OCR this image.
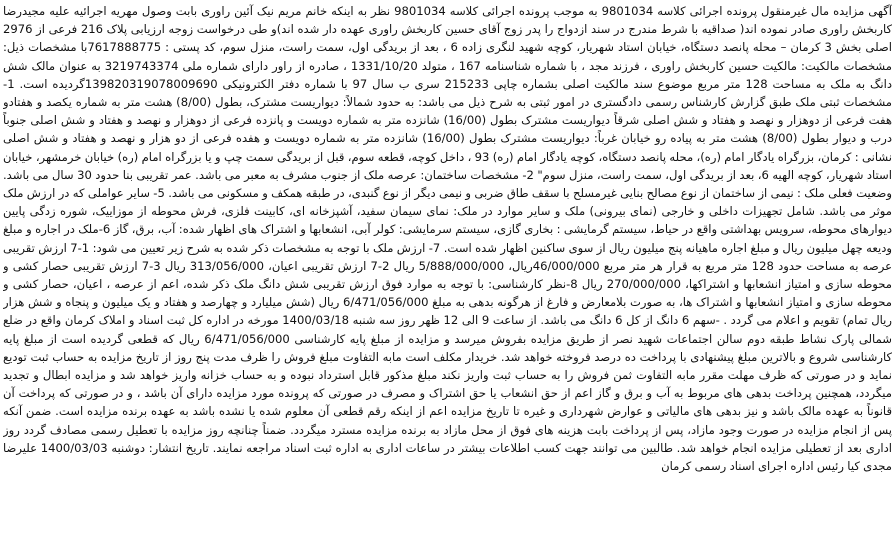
آگهی مزایده مال غیرمنقول پرونده اجرائی کلاسه 9801034 به موجب پرونده اجرائی کلاسه 9801034 نظر به اینکه خانم مریم نیک آئین راوری بابت وصول مهریه اجرائیه علیه مجیدرضا کاربخش راوری صادر نموده اند( صداقیه با شرط مندرج در سند ازدواج را پدر زوج آقای حسین کاربخش راوری عهده دار شده اند)و طی درخواست زوجه ارزیابی پلاک 216 فرعی از 2976 اصلی بخش 3 کرمان – محله پانصد دستگاه، خیابان استاد شهریار، کوچه شهید لنگری زاده 6 ، بعد از بریدگی اول، سمت راست، منزل سوم، کد پستی : 7617888775با مشخصات ذیل: مشخصات مالکیت: مالکیت حسین کاربخش راوری ، فرزند مجد ، با شماره شناسنامه 167 ، متولد 1331/10/20 ، صادره از راور دارای شماره ملی 3219743374 به عنوان مالک شش دانگ به ملک به مساحت 128 متر مربع موضوع سند مالکیت اصلی بشماره چاپی 215233 سری ب سال 97 با شماره دفتر الکترونیکی 139820319078009690گردیده است. 1- مشخصات ثبتی ملک طبق گزارش کارشناس رسمی دادگستری در امور ثبتی به شرح ذیل می باشد: به حدود شمالاً: دیواریست مشترک، بطول (8/00) هشت متر به شماره یکصد و هفتادو هفت فرعی از دوهزار و نهصد و هفتاد و شش اصلی شرقاً دیواریست مشترک بطول (16/00) شانزده متر به شماره دویست و پانزده فرعی از دوهزار و نهصد و هفتاد و شش اصلی جنوباً درب و دیوار بطول (8/00) هشت متر به پیاده رو خیابان غرباً: دیواریست مشترک بطول (16/00) شانزده متر به شماره دویست و هفده فرعی از دو هزار و نهصد و هفتاد و شش اصلی نشانی : کرمان، بزرگراه یادگار امام (ره)، محله پانصد دستگاه، کوچه یادگار امام (ره) 93 ، داخل کوچه، قطعه سوم، قبل از بریدگی سمت چپ و یا بزرگراه امام (ره) خیابان خرمشهر، خیابان استاد شهریار، کوچه الهیه 6، بعد از بریدگی اول، سمت راست، منزل سوم" 2- مشخصات ساختمان: عرصه ملک از جنوب مشرف به معبر می باشد. عمر تقریبی بنا حدود 30 سال می باشد. وضعیت فعلی ملک : نیمی از ساختمان از نوع مصالح بنایی غیرمسلح با سقف طاق ضربی و نیمی دیگر از نوع گنبدی، در طبقه همکف و مسکونی می باشد. 5- سایر عواملی که در ارزش ملک موثر می باشد. شامل تجهیزات داخلی و خارجی (نمای بیرونی) ملک و سایر موارد در ملک: نمای سیمان سفید، آشپزخانه ای، کابینت فلزی، فرش محوطه از موزاییک، شوره زدگی پایین دیوارهای محوطه، سرویس بهداشتی واقع در حیاط، سیستم گرمایشی : بخاری گازی، سیستم سرمایشی: کولر آبی، انشعابها و اشتراک های اظهار شده: آب، برق، گاز 6-ملک در اجاره و مبلغ ودیعه چهل میلیون ریال و مبلغ اجاره ماهیانه پنج میلیون ریال از سوی ساکنین اظهار شده است. 7- ارزش ملک با توجه به مشخصات ذکر شده به شرح زیر تعیین می شود: 1-7 ارزش تقریبی عرصه به مساحت حدود 128 متر مربع به قرار هر متر مربع 46/000/000ریال، 5/888/000/000 ریال 2-7 ارزش تقریبی اعیان، 313/056/000 ریال 3-7 ارزش تقریبی حصار کشی و محوطه سازی و امتیاز انشعابها و اشتراکها، 270/000/000 ریال 8-نظر کارشناسی: با توجه به موارد فوق ارزش تقریبی شش دانگ ملک ذکر شده، اعم از عرصه ، اعیان، حصار کشی و محوطه سازی و امتیاز انشعابها و اشتراک ها، به صورت بلامعارض و فارغ از هرگونه بدهی به مبلغ 6/471/056/000 ریال (شش میلیارد و چهارصد و هفتاد و یک میلیون و پنجاه و شش هزار ریال تمام) تقویم و اعلام می گردد . -سهم 6 دانگ از کل 6 دانگ می باشد. از ساعت 9 الی 12 ظهر روز سه شنبه 1400/03/18 مورخه در اداره کل ثبت اسناد و املاک کرمان واقع در ضلع شمالی پارک نشاط طبقه دوم سالن اجتماعات شهید نصر از طریق مزایده بفروش میرسد و مزایده از مبلغ پایه کارشناسی 6/471/056/000 ریال که قطعی گردیده است از مبلغ پایه کارشناسی شروع و بالاترین مبلغ پیشنهادی با پرداخت ده درصد فروخته خواهد شد. خریدار مکلف است مابه التفاوت مبلغ فروش را ظرف مدت پنج روز از تاریخ مزایده به حساب ثبت تودیع نماید و در صورتی که ظرف مهلت مقرر مابه التفاوت ثمن فروش را به حساب ثبت واریز نکند مبلغ مذکور قابل استرداد نبوده و به حساب خزانه واریز خواهد شد و مزایده ابطال و تجدید میگردد، همچنین پرداخت بدهی های مربوط به آب و برق و گاز اعم از حق انشعاب یا حق اشتراک و مصرف در صورتی که پرونده مورد مزایده دارای آن باشد ، و در صورتی که پرداخت آن قانوناً به عهده مالک باشد و نیز بدهی های مالیاتی و عوارض شهرداری و غیره تا تاریخ مزایده اعم از اینکه رقم قطعی آن معلوم شده یا نشده باشد به عهده برنده مزایده است. ضمن آنکه پس از انجام مزایده در صورت وجود مازاد، پس از پرداخت بابت هزینه های فوق از محل مازاد به برنده مزایده مسترد میگردد. ضمناً چنانچه روز مزایده با تعطیل رسمی مصادف گردد روز اداری بعد از تعطیلی مزایده انجام خواهد شد. طالبین می توانند جهت کسب اطلاعات بیشتر در ساعات اداری به اداره ثبت اسناد مراجعه نمایند. تاریخ انتشار: دوشنبه 1400/03/03 علیرضا مجدی کیا رئیس اداره اجرای اسناد رسمی کرمان
